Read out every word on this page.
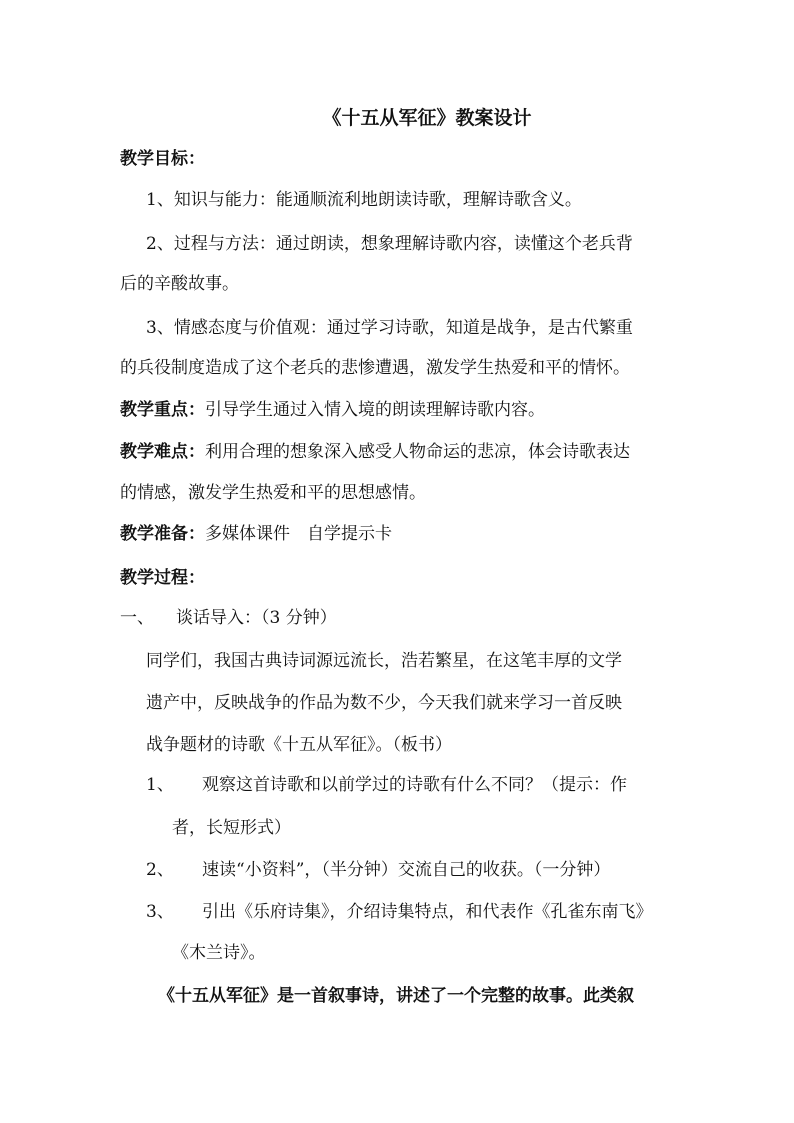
《十五从军征》教案设计
教学目标：
1、知识与能力：能通顺流利地朗读诗歌，理解诗歌含义。
2、过程与方法：通过朗读，想象理解诗歌内容，读懂这个老兵背
后的辛酸故事。
3、情感态度与价值观：通过学习诗歌，知道是战争，是古代繁重
的兵役制度造成了这个老兵的悲惨遭遇，激发学生热爱和平的情怀。
教学重点：引导学生通过入情入境的朗读理解诗歌内容。
教学难点：利用合理的想象深入感受人物命运的悲凉，体会诗歌表达
的情感，激发学生热爱和平的思想感情。
教学准备：多媒体课件　自学提示卡
教学过程：
一、 谈话导入：（3 分钟）
同学们，我国古典诗词源远流长，浩若繁星，在这笔丰厚的文学
遗产中，反映战争的作品为数不少，今天我们就来学习一首反映
战争题材的诗歌《十五从军征》。（板书）
1、 观察这首诗歌和以前学过的诗歌有什么不同？（提示：作
者，长短形式）
2、 速读“小资料”，（半分钟）交流自己的收获。（一分钟）
3、 引出《乐府诗集》，介绍诗集特点，和代表作《孔雀东南飞》
《木兰诗》。
《十五从军征》是一首叙事诗，讲述了一个完整的故事。此类叙
